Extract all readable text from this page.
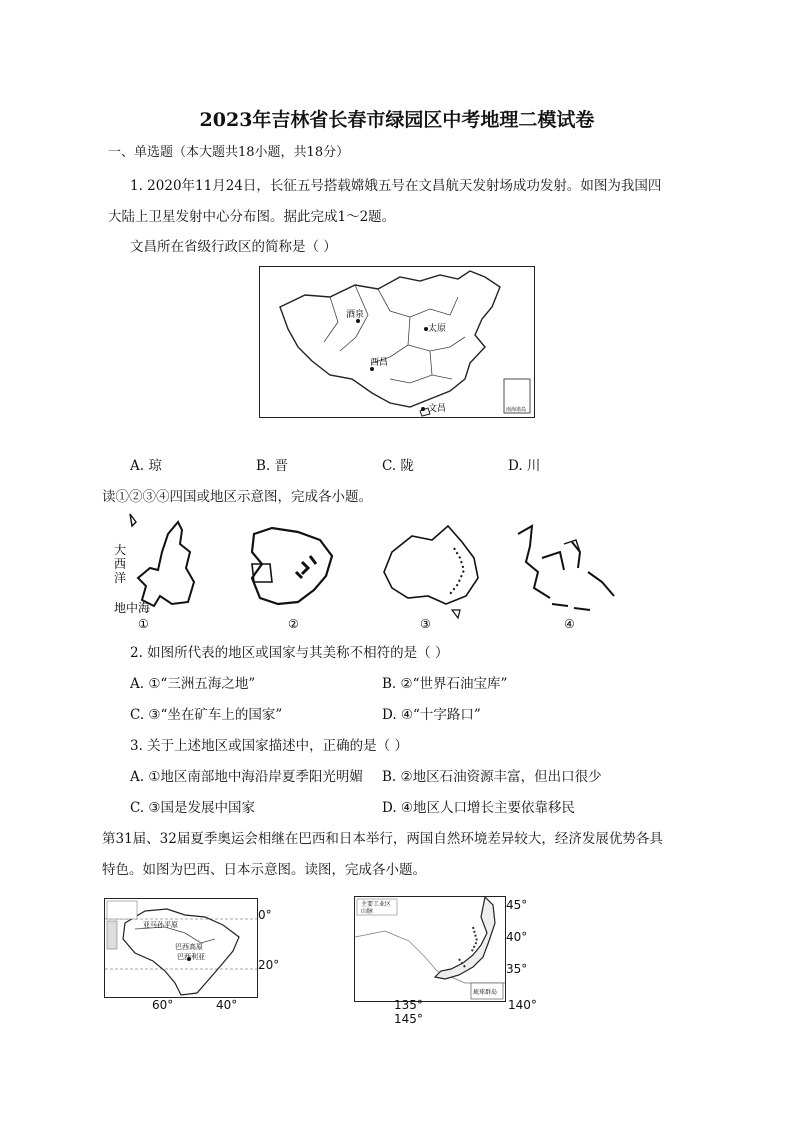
2023年吉林省长春市绿园区中考地理二模试卷

一、单选题（本大题共18小题，共18分）

1. 2020年11月24日，长征五号搭载嫦娥五号在文昌航天发射场成功发射。如图为我国四

大陆上卫星发射中心分布图。据此完成1～2题。

文昌所在省级行政区的简称是（ ）

酒泉
太原
西昌
文昌	南海诸岛

A. 琼	B. 晋	C. 陇	D. 川

读①②③④四国或地区示意图，完成各小题。

大
西
洋
地中海
①	②	③	④

2. 如图所代表的地区或国家与其美称不相符的是（ ）

A. ①“三洲五海之地”	B. ②“世界石油宝库”

C. ③“坐在矿车上的国家”	D. ④“十字路口”

3. 关于上述地区或国家描述中，正确的是（ ）

A. ①地区南部地中海沿岸夏季阳光明媚 B. ②地区石油资源丰富，但出口很少

C. ③国是发展中国家	D. ④地区人口增长主要依靠移民

第31届、32届夏季奥运会相继在巴西和日本举行，两国自然环境差异较大，经济发展优势各具

特色。如图为巴西、日本示意图。读图，完成各小题。

亚马孙平原
巴西高原
巴西利亚
0°
20°
60°	40°
主要工业区
山脉
琉球群岛
45°
40°
35°
135°	140°
145°
